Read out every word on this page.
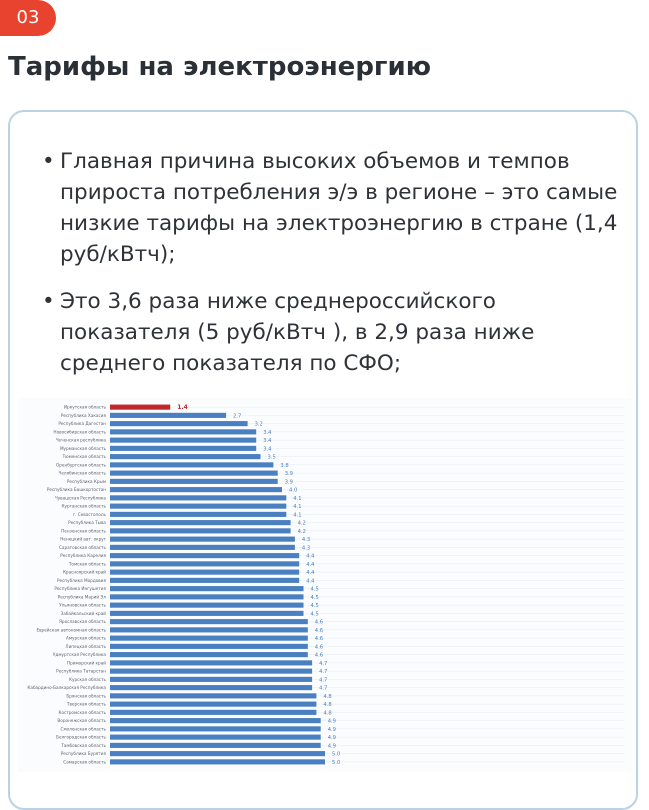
03
Тарифы на электроэнергию
• Главная причина высоких объемов и темпов прироста потребления э/э в регионе – это самые низкие тарифы на электроэнергию в стране (1,4 руб/кВтч);
• Это 3,6 раза ниже среднероссийского показателя (5 руб/кВтч ), в 2,9 раза ниже среднего показателя по СФО;
Иркутская область	1.4
Республика Хакасия	2.7
Республика Дагестан	3.2
Новосибирская область	3.4
Чеченская республика	3.4
Мурманская область	3.4
Тюменская область	3.5
Оренбургская область	3.8
Челябинская область	3.9
Республика Крым	3.9
Республика Башкортостан	4.0
Чувашская Республика	4.1
Курганская область	4.1
г. Севастополь	4.1
Республика Тыва	4.2
Пензенская область	4.2
Ненецкий авт. округ	4.3
Саратовская область	4.3
Республика Карелия	4.4
Томская область	4.4
Красноярский край	4.4
Республика Мордовия	4.4
Республика Ингушетия	4.5
Республика Марий Эл	4.5
Ульяновская область	4.5
Забайкальский край	4.5
Ярославская область	4.6
Еврейская автономная область	4.6
Амурская область	4.6
Липецкая область	4.6
Удмуртская Республика	4.6
Приморский край	4.7
Республика Татарстан	4.7
Курская область	4.7
Кабардино-Балкарская Республика	4.7
Брянская область	4.8
Тверская область	4.8
Костромская область	4.8
Воронежская область	4.9
Смоленская область	4.9
Белгородская область	4.9
Тамбовская область	4.9
Республика Бурятия	5.0
Самарская область	5.0
